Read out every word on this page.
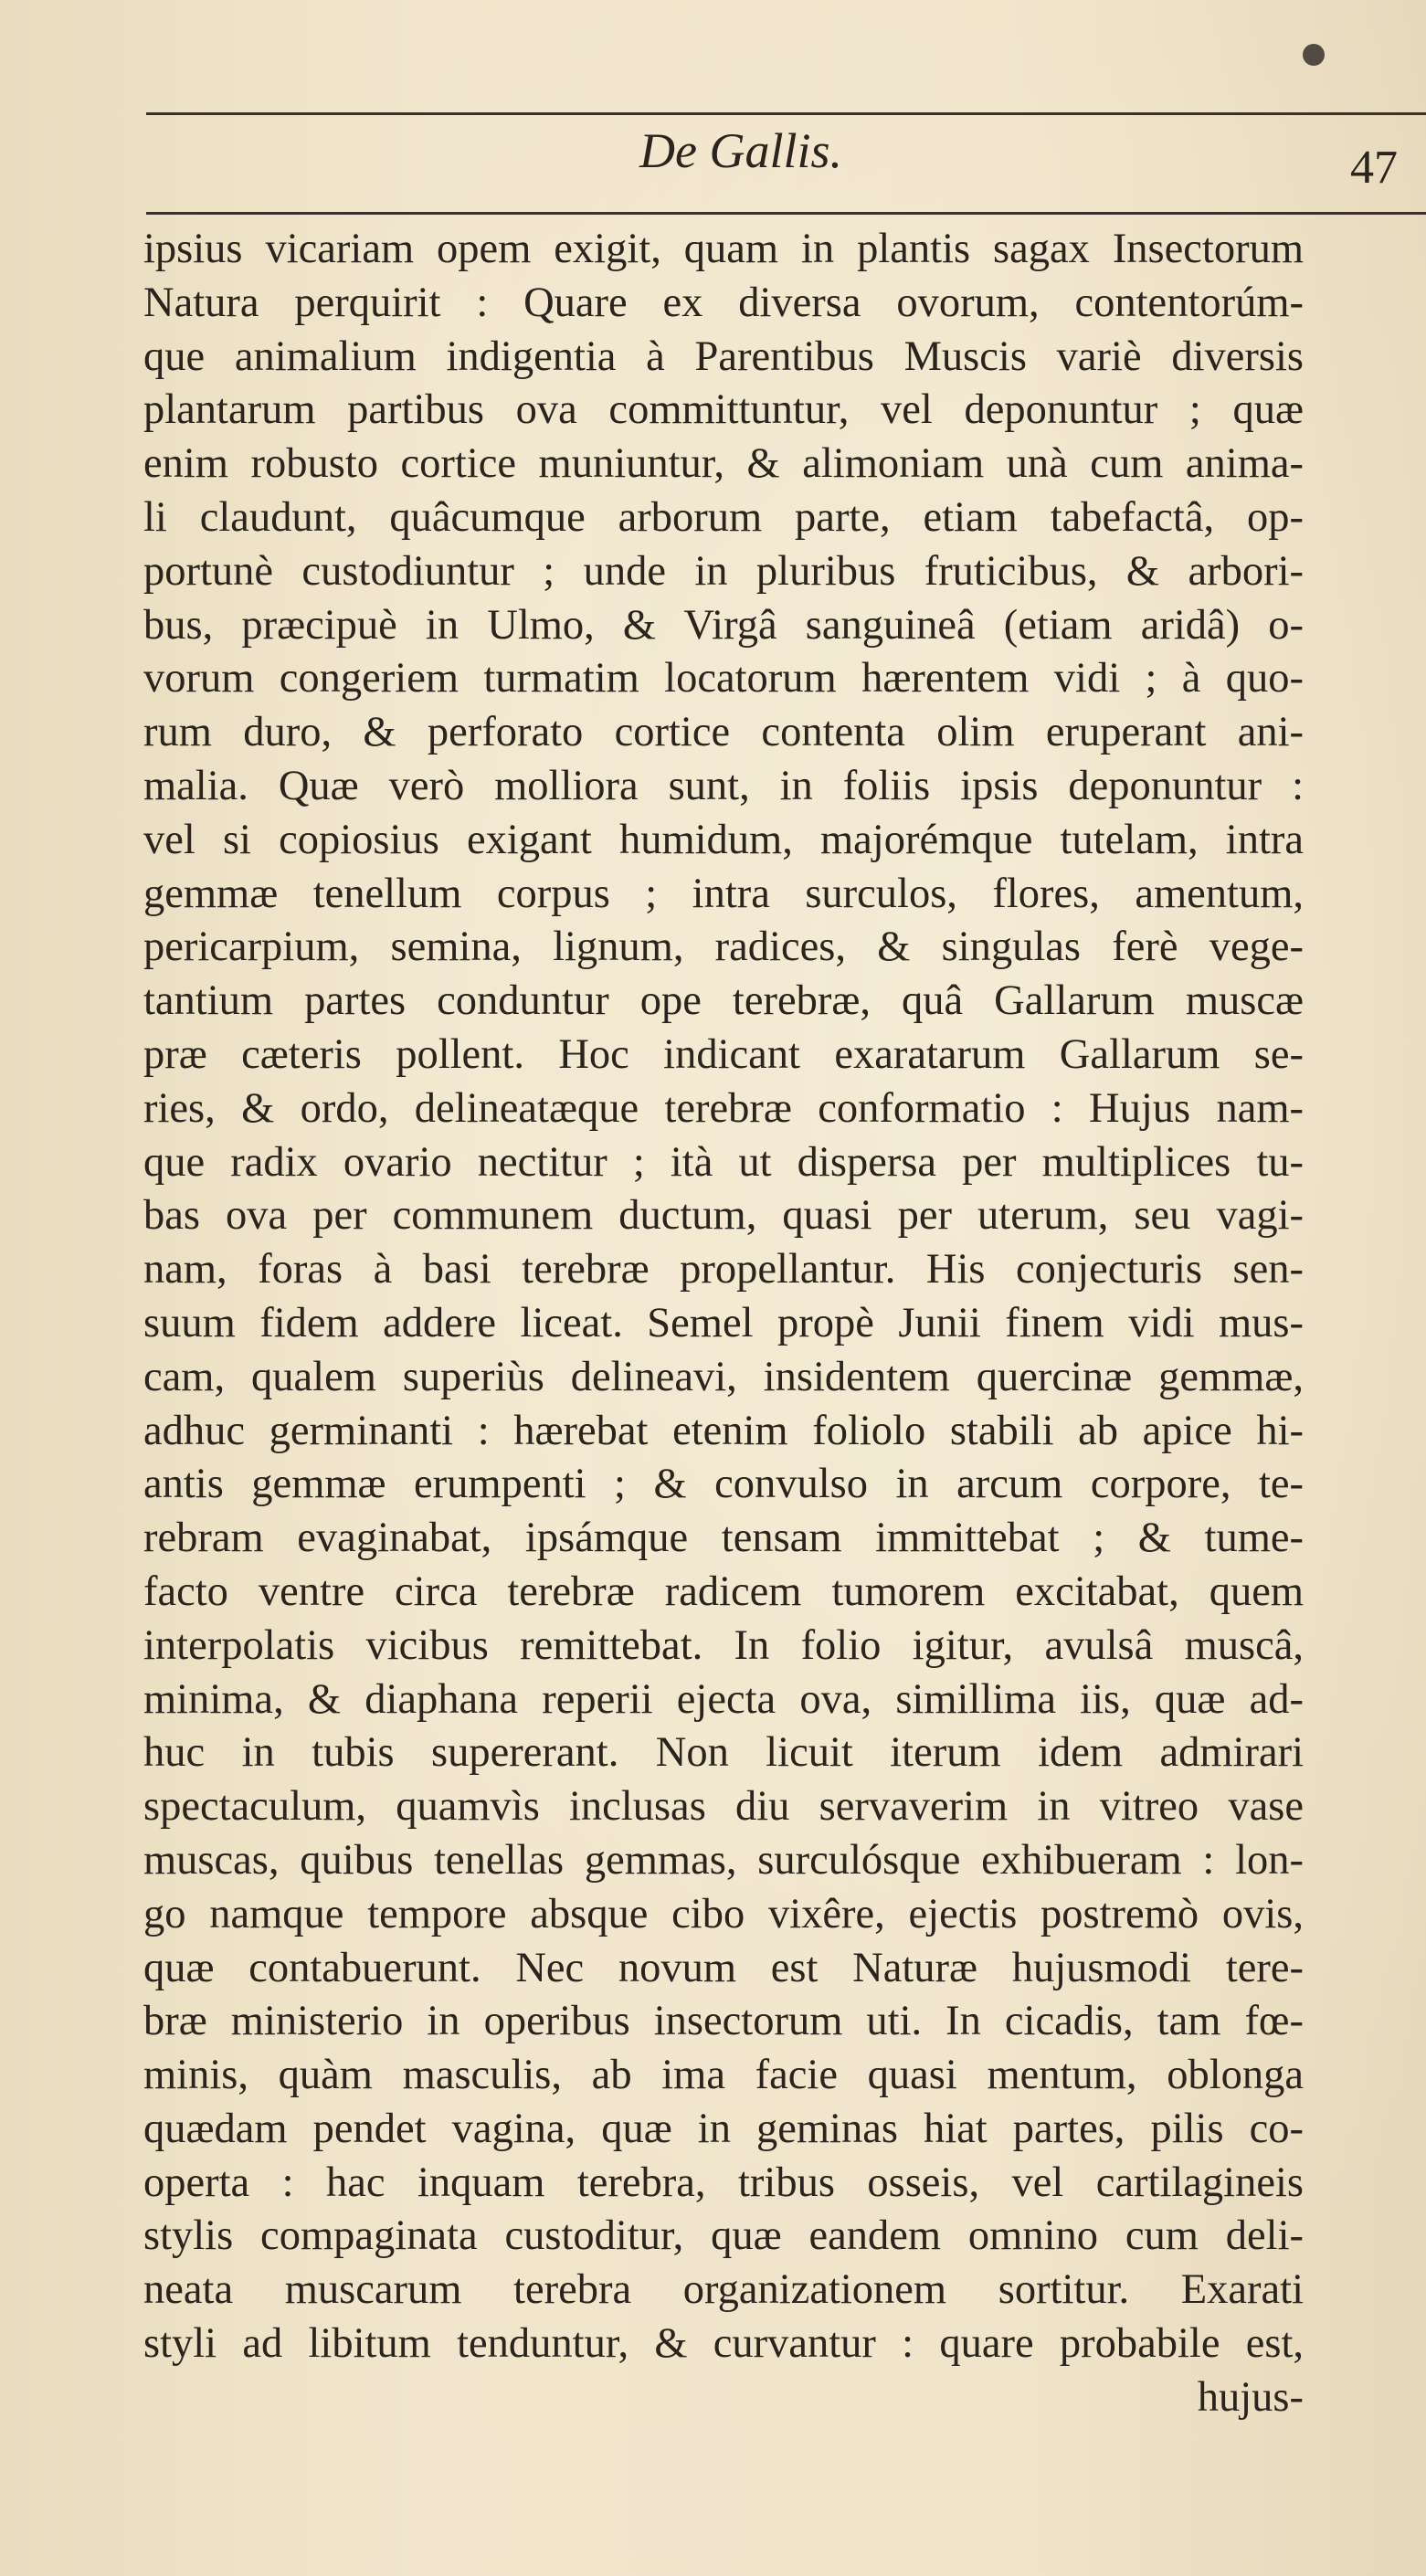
De Gallis.	47
ipsius vicariam opem exigit, quam in plantis sagax Insectorum
Natura perquirit : Quare ex diversa ovorum, contentorúm-
que animalium indigentia à Parentibus Muscis variè diversis
plantarum partibus ova committuntur, vel deponuntur ; quæ
enim robusto cortice muniuntur, & alimoniam unà cum anima-
li claudunt, quâcumque arborum parte, etiam tabefactâ, op-
portunè custodiuntur ; unde in pluribus fruticibus, & arbori-
bus, præcipuè in Ulmo, & Virgâ sanguineâ (etiam aridâ) o-
vorum congeriem turmatim locatorum hærentem vidi ; à quo-
rum duro, & perforato cortice contenta olim eruperant ani-
malia. Quæ verò molliora sunt, in foliis ipsis deponuntur :
vel si copiosius exigant humidum, majorémque tutelam, intra
gemmæ tenellum corpus ; intra surculos, flores, amentum,
pericarpium, semina, lignum, radices, & singulas ferè vege-
tantium partes conduntur ope terebræ, quâ Gallarum muscæ
præ cæteris pollent. Hoc indicant exaratarum Gallarum se-
ries, & ordo, delineatæque terebræ conformatio : Hujus nam-
que radix ovario nectitur ; ità ut dispersa per multiplices tu-
bas ova per communem ductum, quasi per uterum, seu vagi-
nam, foras à basi terebræ propellantur. His conjecturis sen-
suum fidem addere liceat. Semel propè Junii finem vidi mus-
cam, qualem superiùs delineavi, insidentem quercinæ gemmæ,
adhuc germinanti : hærebat etenim foliolo stabili ab apice hi-
antis gemmæ erumpenti ; & convulso in arcum corpore, te-
rebram evaginabat, ipsámque tensam immittebat ; & tume-
facto ventre circa terebræ radicem tumorem excitabat, quem
interpolatis vicibus remittebat. In folio igitur, avulsâ muscâ,
minima, & diaphana reperii ejecta ova, simillima iis, quæ ad-
huc in tubis supererant. Non licuit iterum idem admirari
spectaculum, quamvìs inclusas diu servaverim in vitreo vase
muscas, quibus tenellas gemmas, surculósque exhibueram : lon-
go namque tempore absque cibo vixêre, ejectis postremò ovis,
quæ contabuerunt. Nec novum est Naturæ hujusmodi tere-
bræ ministerio in operibus insectorum uti. In cicadis, tam fœ-
minis, quàm masculis, ab ima facie quasi mentum, oblonga
quædam pendet vagina, quæ in geminas hiat partes, pilis co-
operta : hac inquam terebra, tribus osseis, vel cartilagineis
stylis compaginata custoditur, quæ eandem omnino cum deli-
neata muscarum terebra organizationem sortitur. Exarati
styli ad libitum tenduntur, & curvantur : quare probabile est,
hujus-
